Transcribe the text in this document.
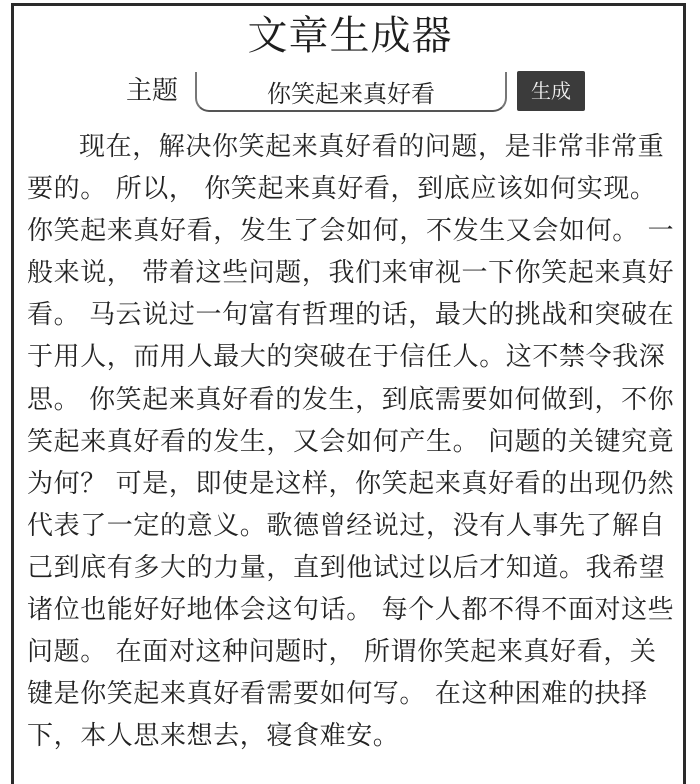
文章生成器
主题
你笑起来真好看	生成

现在，解决你笑起来真好看的问题，是非常非常重要的。 所以， 你笑起来真好看，到底应该如何实现。 你笑起来真好看，发生了会如何，不发生又会如何。 一般来说， 带着这些问题，我们来审视一下你笑起来真好看。 马云说过一句富有哲理的话，最大的挑战和突破在于用人，而用人最大的突破在于信任人。这不禁令我深思。 你笑起来真好看的发生，到底需要如何做到，不你笑起来真好看的发生，又会如何产生。 问题的关键究竟为何？ 可是，即使是这样，你笑起来真好看的出现仍然代表了一定的意义。歌德曾经说过，没有人事先了解自己到底有多大的力量，直到他试过以后才知道。我希望诸位也能好好地体会这句话。 每个人都不得不面对这些问题。 在面对这种问题时， 所谓你笑起来真好看，关键是你笑起来真好看需要如何写。 在这种困难的抉择下，本人思来想去，寝食难安。
